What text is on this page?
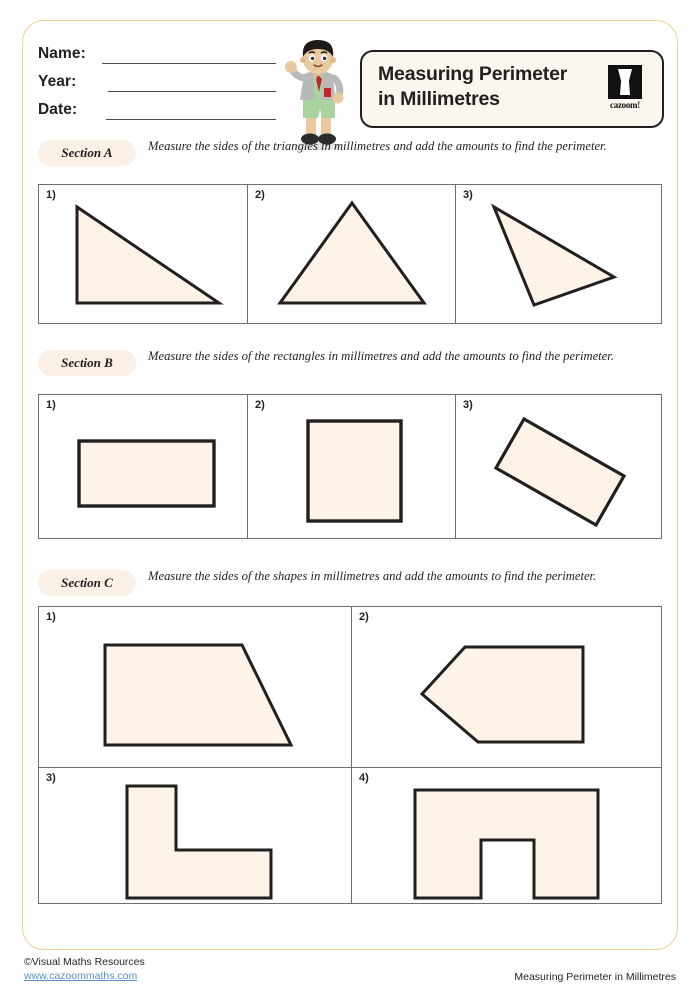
Name:
Year:
Date:
Measuring Perimeter
in Millimetres	cazoom!
Section A	Measure the sides of the triangles in millimetres and add the amounts to find the perimeter.
1)	2)	3)
Section B	Measure the sides of the rectangles in millimetres and add the amounts to find the perimeter.
1)	2)	3)
Section C	Measure the sides of the shapes in millimetres and add the amounts to find the perimeter.
1)	2)
3)	4)
©Visual Maths Resources
www.cazoommaths.com	Measuring Perimeter in Millimetres
